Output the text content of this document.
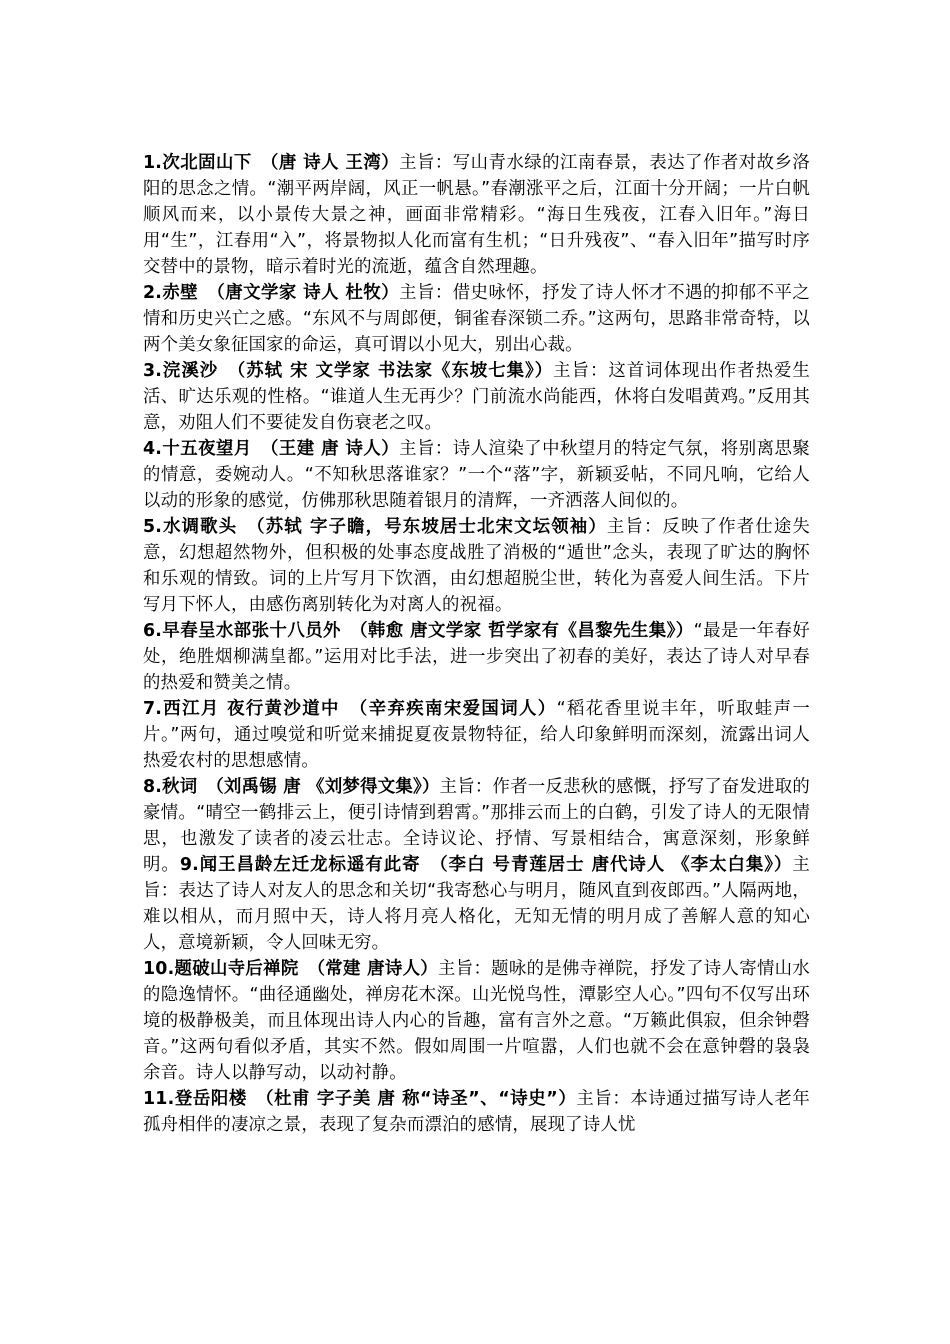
1.次北固山下　（唐 诗人 王湾）主旨：写山青水绿的江南春景，表达了作者对故乡洛阳的思念之情。“潮平两岸阔，风正一帆悬。”春潮涨平之后，江面十分开阔；一片白帆顺风而来，以小景传大景之神，画面非常精彩。“海日生残夜，江春入旧年。”海日用“生”，江春用“入”，将景物拟人化而富有生机；“日升残夜”、“春入旧年”描写时序交替中的景物，暗示着时光的流逝，蕴含自然理趣。

2.赤壁　（唐文学家 诗人 杜牧）主旨：借史咏怀，抒发了诗人怀才不遇的抑郁不平之情和历史兴亡之感。“东风不与周郎便，铜雀春深锁二乔。”这两句，思路非常奇特，以两个美女象征国家的命运，真可谓以小见大，别出心裁。

3.浣溪沙　（苏轼 宋 文学家 书法家《东坡七集》）主旨：这首词体现出作者热爱生活、旷达乐观的性格。“谁道人生无再少？门前流水尚能西，休将白发唱黄鸡。”反用其意，劝阻人们不要徒发自伤衰老之叹。

4.十五夜望月　（王建 唐 诗人）主旨：诗人渲染了中秋望月的特定气氛，将别离思聚的情意，委婉动人。“不知秋思落谁家？”一个“落”字，新颖妥帖，不同凡响，它给人以动的形象的感觉，仿佛那秋思随着银月的清辉，一齐洒落人间似的。

5.水调歌头　（苏轼 字子瞻，号东坡居士北宋文坛领袖）主旨：反映了作者仕途失意，幻想超然物外，但积极的处事态度战胜了消极的“遁世”念头，表现了旷达的胸怀和乐观的情致。词的上片写月下饮酒，由幻想超脱尘世，转化为喜爱人间生活。下片写月下怀人，由感伤离别转化为对离人的祝福。

6.早春呈水部张十八员外　（韩愈 唐文学家 哲学家有《昌黎先生集》）“最是一年春好处，绝胜烟柳满皇都。”运用对比手法，进一步突出了初春的美好，表达了诗人对早春的热爱和赞美之情。

7.西江月 夜行黄沙道中　（辛弃疾南宋爱国词人）“稻花香里说丰年，听取蛙声一片。”两句，通过嗅觉和听觉来捕捉夏夜景物特征，给人印象鲜明而深刻，流露出词人热爱农村的思想感情。

8.秋词　（刘禹锡 唐 《刘梦得文集》）主旨：作者一反悲秋的感慨，抒写了奋发进取的豪情。“晴空一鹤排云上，便引诗情到碧霄。”那排云而上的白鹤，引发了诗人的无限情思，也激发了读者的凌云壮志。全诗议论、抒情、写景相结合，寓意深刻，形象鲜明。9.闻王昌龄左迁龙标遥有此寄　（李白 号青莲居士 唐代诗人 《李太白集》）主旨：表达了诗人对友人的思念和关切“我寄愁心与明月，随风直到夜郎西。”人隔两地，难以相从，而月照中天，诗人将月亮人格化，无知无情的明月成了善解人意的知心人，意境新颖，令人回味无穷。

10.题破山寺后禅院　（常建 唐诗人）主旨：题咏的是佛寺禅院，抒发了诗人寄情山水的隐逸情怀。“曲径通幽处，禅房花木深。山光悦鸟性，潭影空人心。”四句不仅写出环境的极静极美，而且体现出诗人内心的旨趣，富有言外之意。“万籁此俱寂，但余钟磬音。”这两句看似矛盾，其实不然。假如周围一片喧嚣，人们也就不会在意钟磬的袅袅余音。诗人以静写动，以动衬静。

11.登岳阳楼　（杜甫 字子美 唐 称“诗圣”、“诗史”）主旨：本诗通过描写诗人老年孤舟相伴的凄凉之景，表现了复杂而漂泊的感情，展现了诗人忧
